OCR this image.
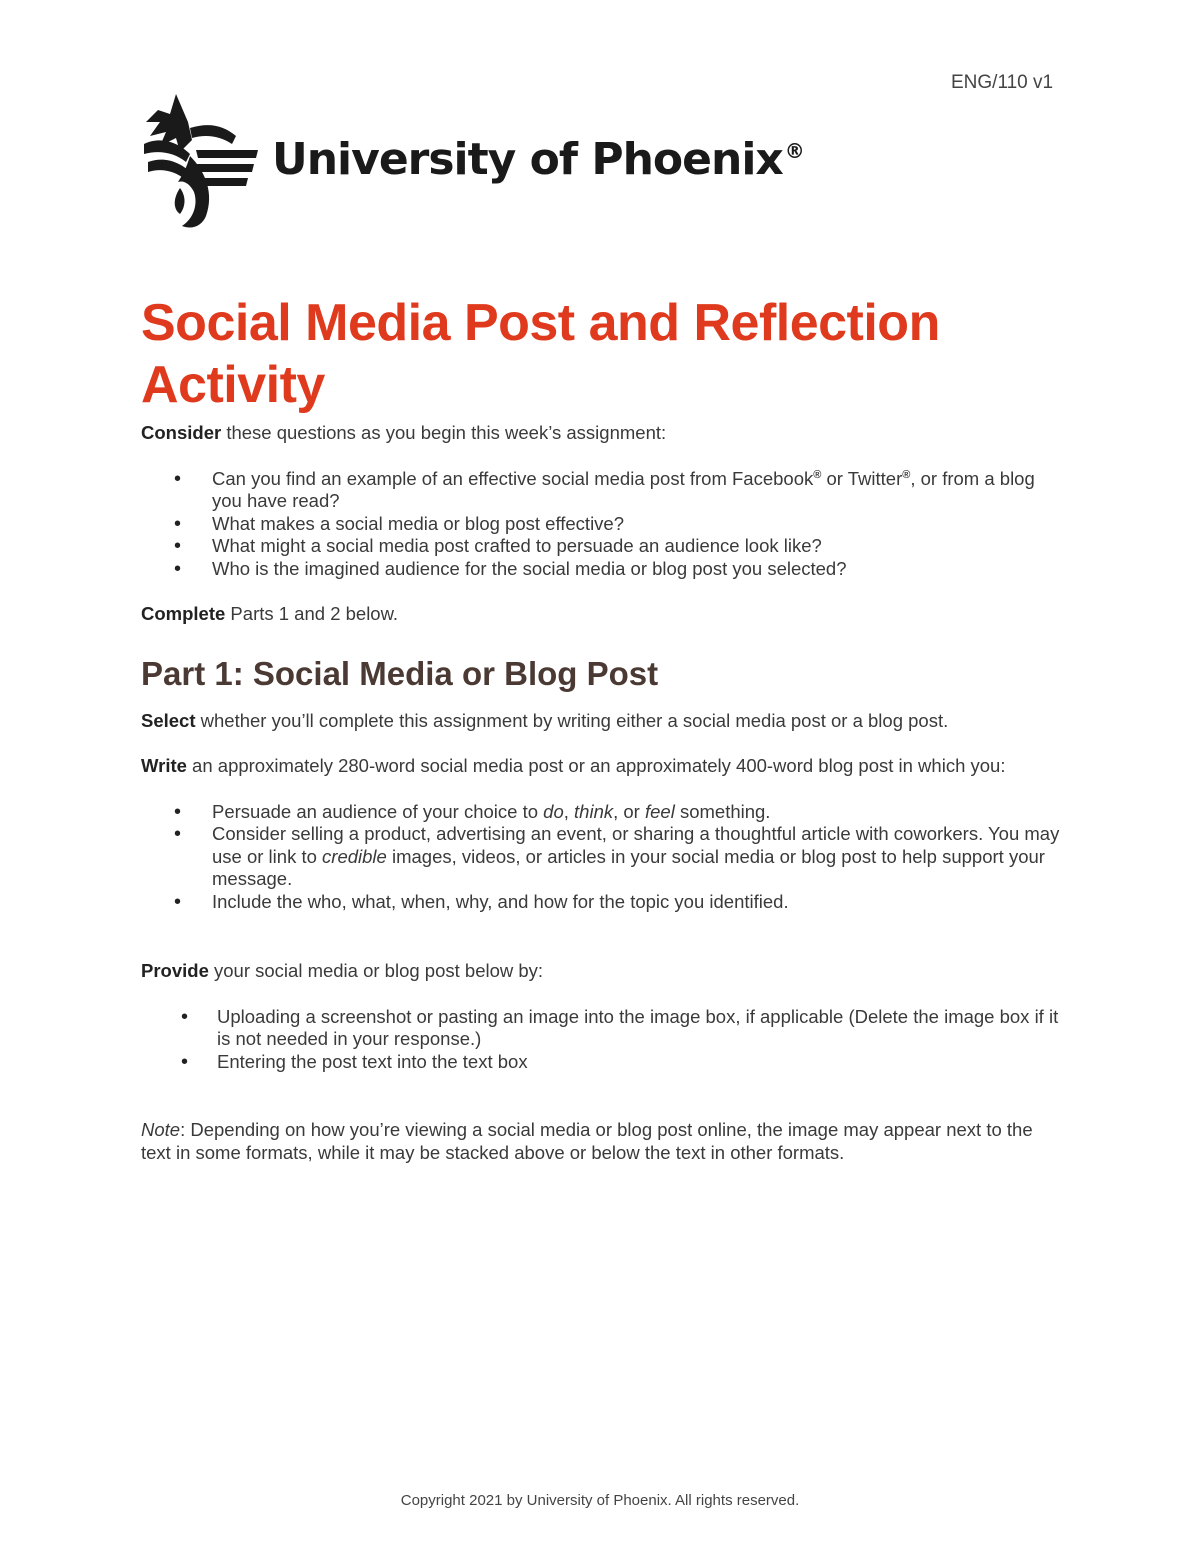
ENG/110 v1
University of Phoenix ®
Social Media Post and Reflection Activity

Consider these questions as you begin this week’s assignment:

• Can you find an example of an effective social media post from Facebook® or Twitter®, or from a blog you have read?
• What makes a social media or blog post effective?
• What might a social media post crafted to persuade an audience look like?
• Who is the imagined audience for the social media or blog post you selected?

Complete Parts 1 and 2 below.

Part 1: Social Media or Blog Post

Select whether you’ll complete this assignment by writing either a social media post or a blog post.

Write an approximately 280-word social media post or an approximately 400-word blog post in which you:

• Persuade an audience of your choice to do, think, or feel something.
• Consider selling a product, advertising an event, or sharing a thoughtful article with coworkers. You may use or link to credible images, videos, or articles in your social media or blog post to help support your message.
• Include the who, what, when, why, and how for the topic you identified.

Provide your social media or blog post below by:

• Uploading a screenshot or pasting an image into the image box, if applicable (Delete the image box if it is not needed in your response.)
• Entering the post text into the text box

Note: Depending on how you’re viewing a social media or blog post online, the image may appear next to the text in some formats, while it may be stacked above or below the text in other formats.

Copyright 2021 by University of Phoenix. All rights reserved.
